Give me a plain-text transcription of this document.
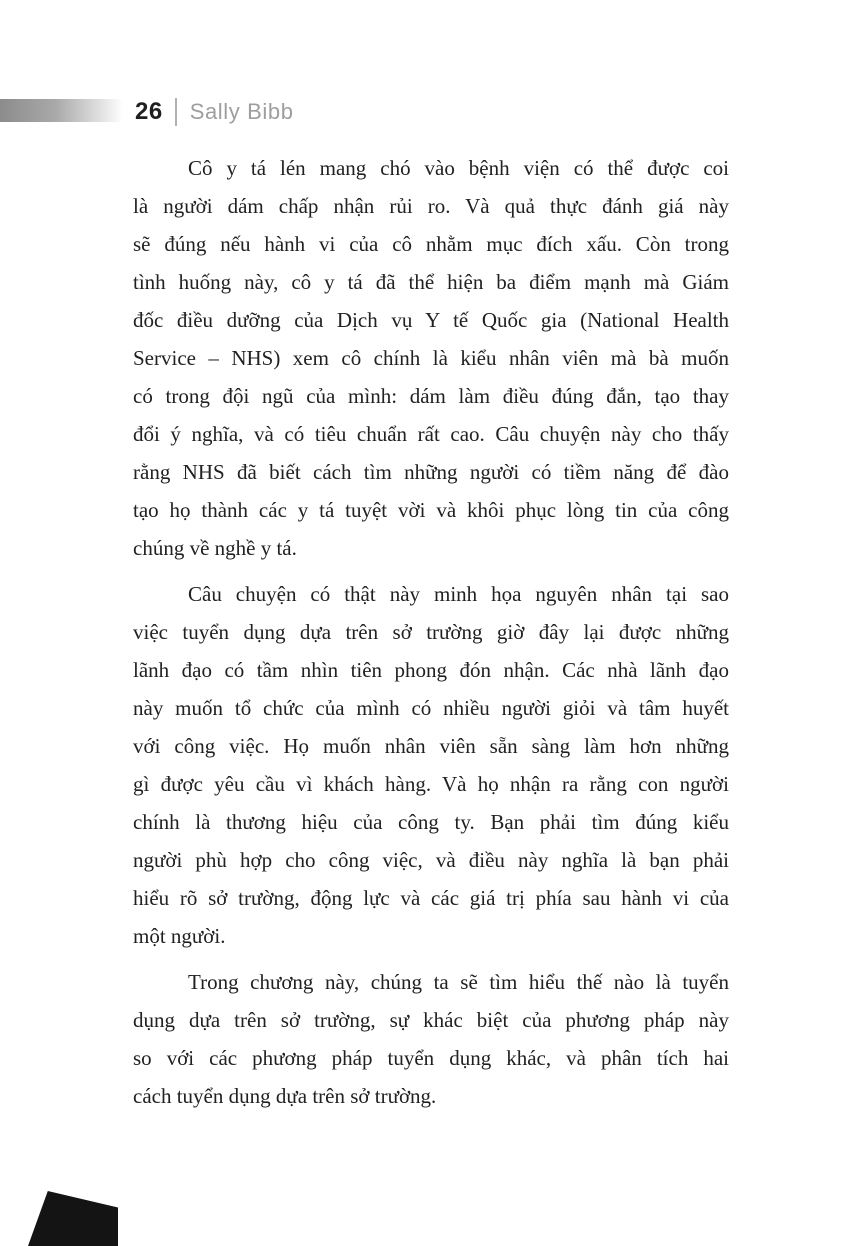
26 Sally Bibb
Cô y tá lén mang chó vào bệnh viện có thể được coi
là người dám chấp nhận rủi ro. Và quả thực đánh giá này
sẽ đúng nếu hành vi của cô nhằm mục đích xấu. Còn trong
tình huống này, cô y tá đã thể hiện ba điểm mạnh mà Giám
đốc điều dưỡng của Dịch vụ Y tế Quốc gia (National Health
Service – NHS) xem cô chính là kiểu nhân viên mà bà muốn
có trong đội ngũ của mình: dám làm điều đúng đắn, tạo thay
đổi ý nghĩa, và có tiêu chuẩn rất cao. Câu chuyện này cho thấy
rằng NHS đã biết cách tìm những người có tiềm năng để đào
tạo họ thành các y tá tuyệt vời và khôi phục lòng tin của công
chúng về nghề y tá.
Câu chuyện có thật này minh họa nguyên nhân tại sao
việc tuyển dụng dựa trên sở trường giờ đây lại được những
lãnh đạo có tầm nhìn tiên phong đón nhận. Các nhà lãnh đạo
này muốn tổ chức của mình có nhiều người giỏi và tâm huyết
với công việc. Họ muốn nhân viên sẵn sàng làm hơn những
gì được yêu cầu vì khách hàng. Và họ nhận ra rằng con người
chính là thương hiệu của công ty. Bạn phải tìm đúng kiểu
người phù hợp cho công việc, và điều này nghĩa là bạn phải
hiểu rõ sở trường, động lực và các giá trị phía sau hành vi của
một người.
Trong chương này, chúng ta sẽ tìm hiểu thế nào là tuyển
dụng dựa trên sở trường, sự khác biệt của phương pháp này
so với các phương pháp tuyển dụng khác, và phân tích hai
cách tuyển dụng dựa trên sở trường.
